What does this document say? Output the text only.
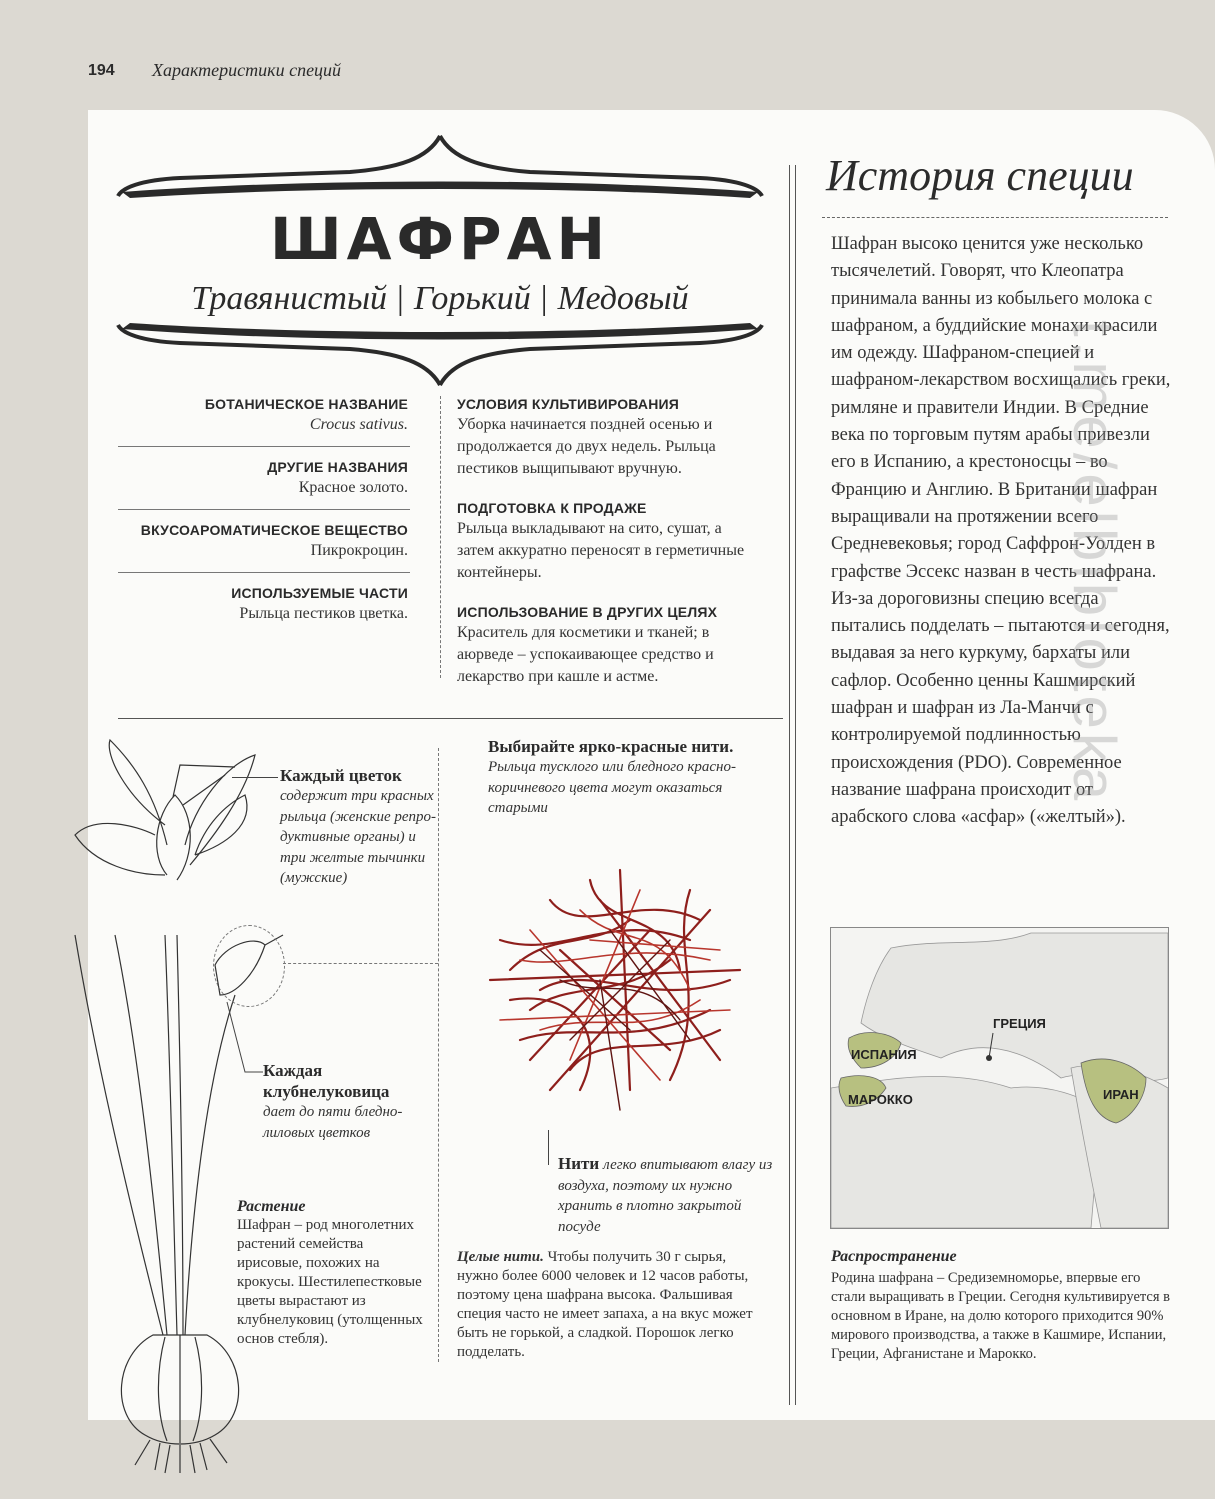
194 Характеристики специй
ШАФРАН
Травянистый | Горький | Медовый
БОТАНИЧЕСКОЕ НАЗВАНИЕ
Crocus sativus.
ДРУГИЕ НАЗВАНИЯ
Красное золото.
ВКУСОАРОМАТИЧЕСКОЕ ВЕЩЕСТВО
Пикрокроцин.
ИСПОЛЬЗУЕМЫЕ ЧАСТИ
Рыльца пестиков цветка.
УСЛОВИЯ КУЛЬТИВИРОВАНИЯ
Уборка начинается поздней осенью и продолжается до двух недель. Рыльца пестиков выщипывают вручную.
ПОДГОТОВКА К ПРОДАЖЕ
Рыльца выкладывают на сито, сушат, а затем аккуратно переносят в герметичные контейнеры.
ИСПОЛЬЗОВАНИЕ В ДРУГИХ ЦЕЛЯХ
Краситель для косметики и тканей; в аюрведе – успокаивающее средство и лекарство при кашле и астме.
Каждый цветок
содержит три красных рыльца (женские репро-дуктивные органы) и три желтые тычинки (мужские)
Каждая клубнелуковица
дает до пяти бледно-лиловых цветков
Растение
Шафран – род многолетних растений семейства ирисовые, похожих на крокусы. Шестилепестковые цветы вырастают из клубнелуковиц (утолщенных основ стебля).
Выбирайте ярко-красные нити.
Рыльца тусклого или бледного красно-коричневого цвета могут оказаться старыми
Нити легко впитывают влагу из воздуха, поэтому их нужно хранить в плотно закрытой посуде
Целые нити. Чтобы получить 30 г сырья, нужно более 6000 человек и 12 часов работы, поэтому цена шафрана высока. Фальшивая специя часто не имеет запаха, а на вкус может быть не горькой, а сладкой. Порошок легко подделать.
История специи

Шафран высоко ценится уже несколько тысячелетий. Говорят, что Клеопатра принимала ванны из кобыльего молока с шафраном, а буддийские монахи красили им одежду. Шафраном-специей и шафраном-лекарством восхищались греки, римляне и правители Индии. В Средние века по торговым путям арабы привезли его в Испанию, а крестоносцы – во Францию и Англию. В Британии шафран выращивали на протяжении всего Средневековья; город Саффрон-Уолден в графстве Эссекс назван в честь шафрана. Из-за дороговизны специю всегда пытались подделать – пытаются и сегодня, выдавая за него куркуму, бархаты или сафлор. Особенно ценны Кашмирский шафран и шафран из Ла-Манчи с контролируемой подлинностью происхождения (PDO). Современное название шафрана происходит от арабского слова «асфар» («желтый»).

ГРЕЦИЯ
ИСПАНИЯ
МАРОККО	ИРАН
Распространение

Родина шафрана – Средиземноморье, впервые его стали выращивать в Греции. Сегодня культивируется в основном в Иране, на долю которого приходится 90% мирового производства, а также в Кашмире, Испании, Греции, Афганистане и Марокко.

t.me/elbibloteka
